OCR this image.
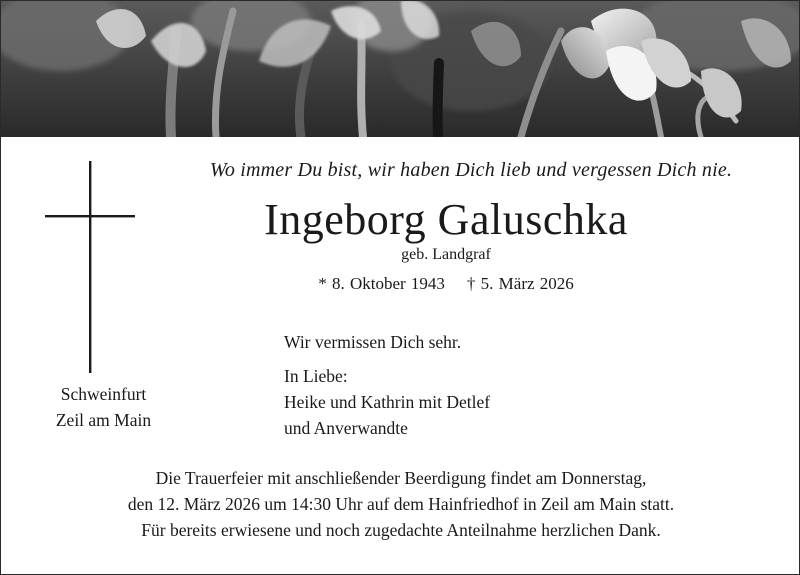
Wo immer Du bist, wir haben Dich lieb und vergessen Dich nie.
Ingeborg Galuschka
geb. Landgraf
* 8. Oktober 1943 † 5. März 2026
Schweinfurt
Zeil am Main
Wir vermissen Dich sehr.
In Liebe:
Heike und Kathrin mit Detlef
und Anverwandte
Die Trauerfeier mit anschließender Beerdigung findet am Donnerstag,
den 12. März 2026 um 14:30 Uhr auf dem Hainfriedhof in Zeil am Main statt.
Für bereits erwiesene und noch zugedachte Anteilnahme herzlichen Dank.
